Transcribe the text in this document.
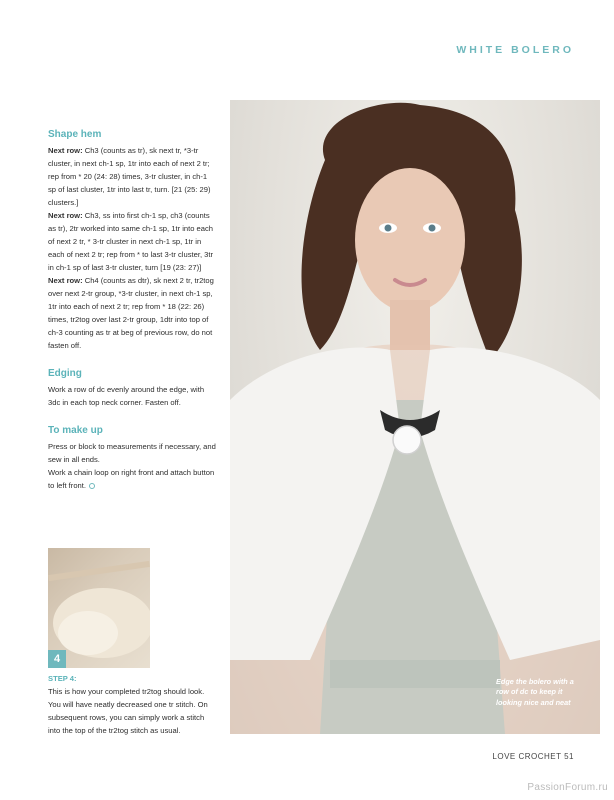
WHITE BOLERO
Shape hem

Next row: Ch3 (counts as tr), sk next tr, *3-tr cluster, in next ch-1 sp, 1tr into each of next 2 tr; rep from * 20 (24: 28) times, 3-tr cluster, in ch-1 sp of last cluster, 1tr into last tr, turn. [21 (25: 29) clusters.]

Next row: Ch3, ss into first ch-1 sp, ch3 (counts as tr), 2tr worked into same ch-1 sp, 1tr into each of next 2 tr, * 3-tr cluster in next ch-1 sp, 1tr in each of next 2 tr; rep from * to last 3-tr cluster, 3tr in ch-1 sp of last 3-tr cluster, turn [19 (23: 27)]

Next row: Ch4 (counts as dtr), sk next 2 tr, tr2tog over next 2-tr group, *3-tr cluster, in next ch-1 sp, 1tr into each of next 2 tr; rep from * 18 (22: 26) times, tr2tog over last 2-tr group, 1dtr into top of ch-3 counting as tr at beg of previous row, do not fasten off.

Edging

Work a row of dc evenly around the edge, with 3dc in each top neck corner. Fasten off.

To make up

Press or block to measurements if necessary, and sew in all ends.

Work a chain loop on right front and attach button to left front.

Edge the bolero with a row of dc to keep it looking nice and neat
4
STEP 4:
This is how your completed tr2tog should look. You will have neatly decreased one tr stitch. On subsequent rows, you can simply work a stitch into the top of the tr2tog stitch as usual.
LOVE CROCHET 51
PassionForum.ru
